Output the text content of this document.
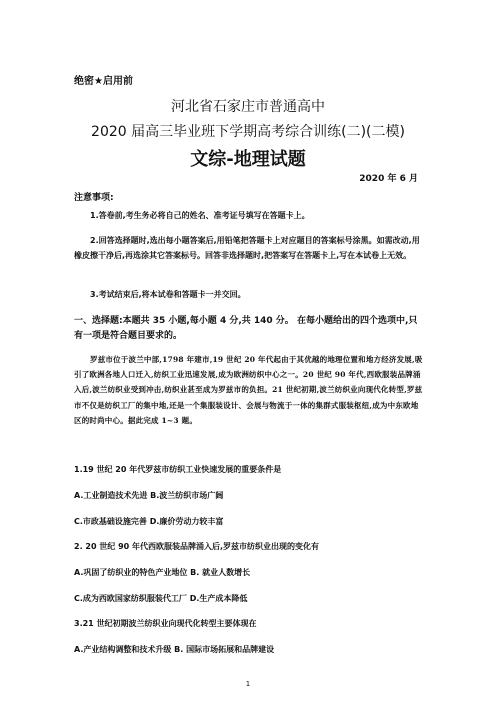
绝密★启用前
河北省石家庄市普通高中
2020 届高三毕业班下学期高考综合训练(二)(二模)
文综-地理试题
2020 年 6 月
注意事项:
1.答卷前,考生务必将自己的姓名、准考证号填写在答题卡上。
2.回答选择题时,选出每小题答案后,用铅笔把答题卡上对应题目的答案标号涂黑。如需改动,用橡皮擦干净后,再选涂其它答案标号。回答非选择题时,把答案写在答题卡上,写在本试卷上无效。
3.考试结束后,将本试卷和答题卡一并交回。
一、选择题:本题共 35 小题,每小题 4 分,共 140 分。 在每小题给出的四个选项中,只有一项是符合题目要求的。
罗兹市位于波兰中部,1798 年建市,19 世纪 20 年代起由于其优越的地理位置和地方经济发展,吸引了欧洲各地人口迁入,纺织工业迅速发展,成为欧洲纺织中心之一。20 世纪 90 年代,西欧服装品牌涌入后,波兰纺织业受到冲击,纺织业甚至成为罗兹市的负担。21 世纪初期,波兰纺织业向现代化转型,罗兹市不仅是纺织工厂的集中地,还是一个集服装设计、会展与物流于一体的集群式服装枢纽,成为中东欧地区的时尚中心。据此完成 1~3 题。
1.19 世纪 20 年代罗兹市纺织工业快速发展的重要条件是
A.工业制造技术先进 B.波兰纺织市场广阔
C.市政基础设施完善 D.廉价劳动力较丰富
2. 20 世纪 90 年代西欧服装品牌涌入后,罗兹市纺织业出现的变化有
A.巩固了纺织业的特色产业地位 B. 就业人数增长
C.成为西欧国家纺织服装代工厂 D.生产成本降低
3.21 世纪初期波兰纺织业向现代化转型主要体现在
A.产业结构调整和技术升级 B. 国际市场拓展和品牌建设
1
